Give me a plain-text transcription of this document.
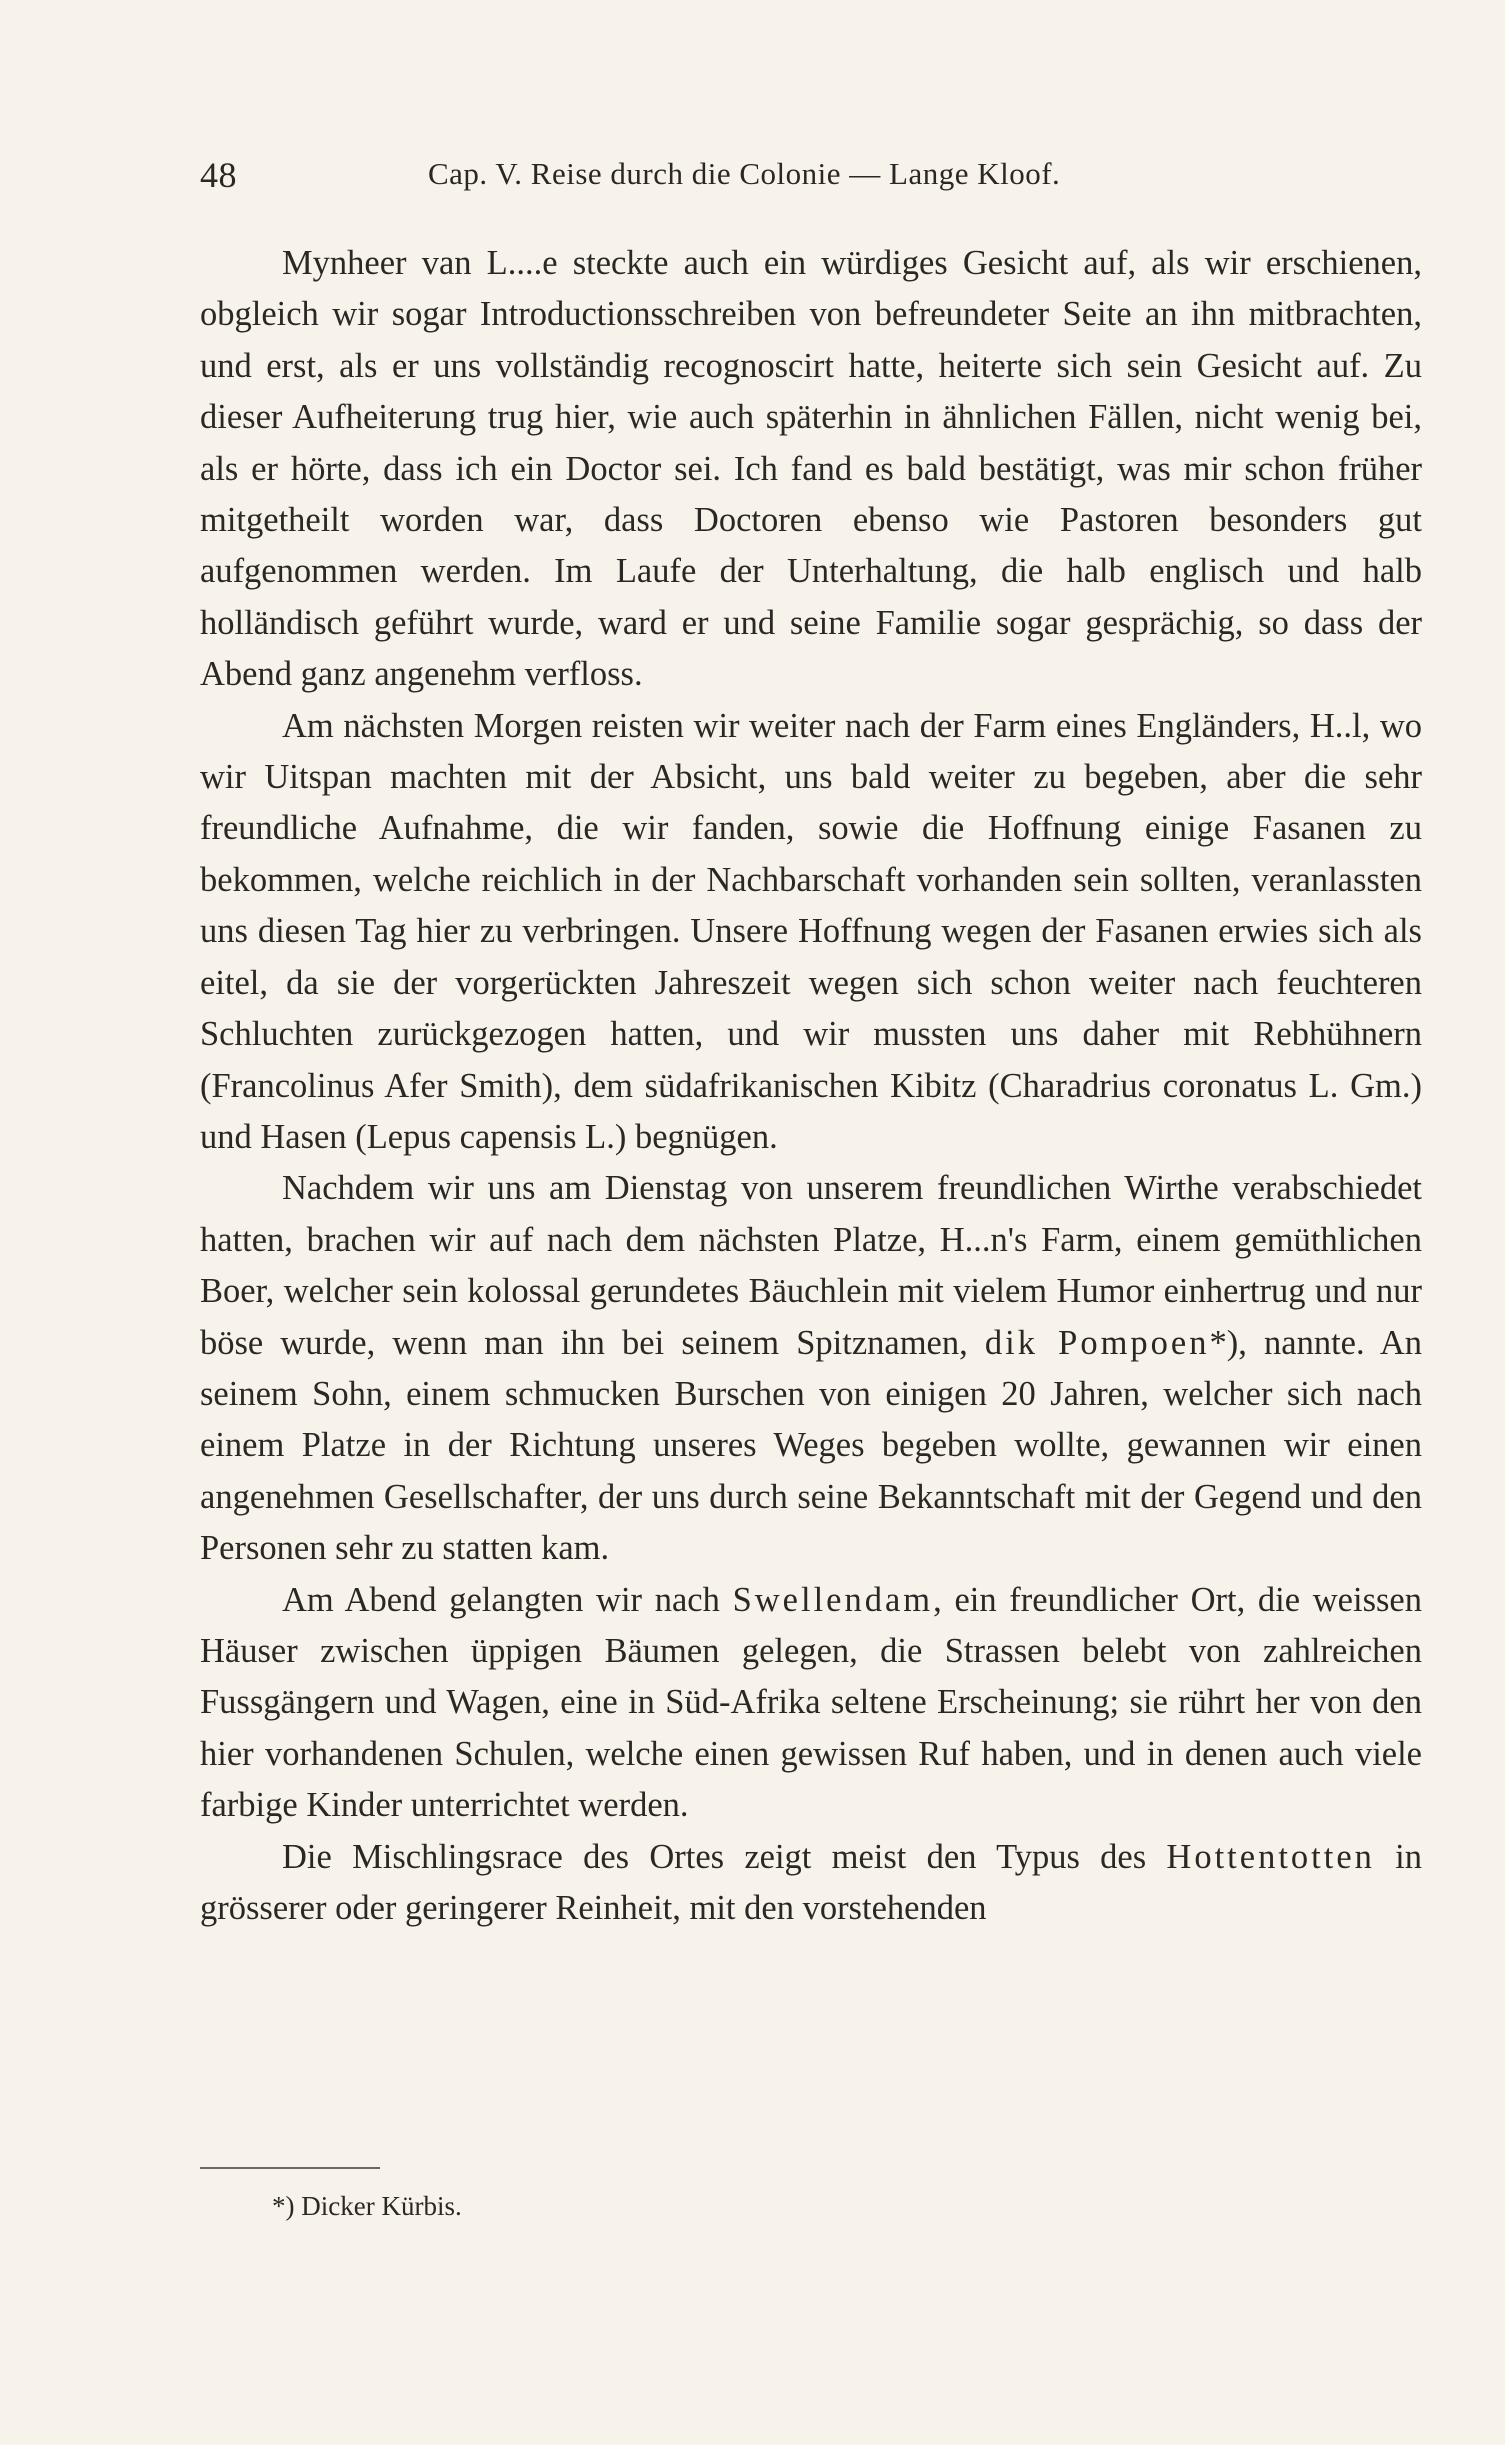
48	Cap. V. Reise durch die Colonie — Lange Kloof.

Mynheer van L....e steckte auch ein würdiges Gesicht auf, als wir erschienen, obgleich wir sogar Introductionsschreiben von befreundeter Seite an ihn mitbrachten, und erst, als er uns vollständig recognoscirt hatte, heiterte sich sein Gesicht auf. Zu dieser Aufheiterung trug hier, wie auch späterhin in ähnlichen Fällen, nicht wenig bei, als er hörte, dass ich ein Doctor sei. Ich fand es bald bestätigt, was mir schon früher mitgetheilt worden war, dass Doctoren ebenso wie Pastoren besonders gut aufgenommen werden. Im Laufe der Unterhaltung, die halb englisch und halb holländisch geführt wurde, ward er und seine Familie sogar gesprächig, so dass der Abend ganz angenehm verfloss.

Am nächsten Morgen reisten wir weiter nach der Farm eines Engländers, H..l, wo wir Uitspan machten mit der Absicht, uns bald weiter zu begeben, aber die sehr freundliche Aufnahme, die wir fanden, sowie die Hoffnung einige Fasanen zu bekommen, welche reichlich in der Nachbarschaft vorhanden sein sollten, veranlassten uns diesen Tag hier zu verbringen. Unsere Hoffnung wegen der Fasanen erwies sich als eitel, da sie der vorgerückten Jahreszeit wegen sich schon weiter nach feuchteren Schluchten zurückgezogen hatten, und wir mussten uns daher mit Rebhühnern (Francolinus Afer Smith), dem südafrikanischen Kibitz (Charadrius coronatus L. Gm.) und Hasen (Lepus capensis L.) begnügen.

Nachdem wir uns am Dienstag von unserem freundlichen Wirthe verabschiedet hatten, brachen wir auf nach dem nächsten Platze, H...n's Farm, einem gemüthlichen Boer, welcher sein kolossal gerundetes Bäuchlein mit vielem Humor einhertrug und nur böse wurde, wenn man ihn bei seinem Spitznamen, dik Pompoen*), nannte. An seinem Sohn, einem schmucken Burschen von einigen 20 Jahren, welcher sich nach einem Platze in der Richtung unseres Weges begeben wollte, gewannen wir einen angenehmen Gesellschafter, der uns durch seine Bekanntschaft mit der Gegend und den Personen sehr zu statten kam.

Am Abend gelangten wir nach Swellendam, ein freundlicher Ort, die weissen Häuser zwischen üppigen Bäumen gelegen, die Strassen belebt von zahlreichen Fussgängern und Wagen, eine in Süd-Afrika seltene Erscheinung; sie rührt her von den hier vorhandenen Schulen, welche einen gewissen Ruf haben, und in denen auch viele farbige Kinder unterrichtet werden.

Die Mischlingsrace des Ortes zeigt meist den Typus des Hottentotten in grösserer oder geringerer Reinheit, mit den vorstehenden

*) Dicker Kürbis.
